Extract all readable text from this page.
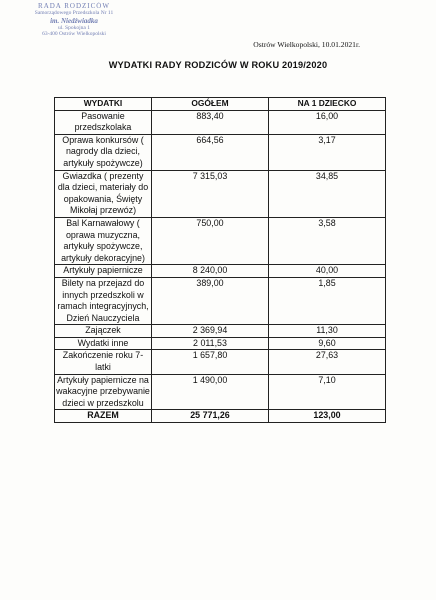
RADA RODZICÓW
Samorządowego Przedszkola Nr 11
im. Niedźwiadka
ul. Spokojna 1
63-400 Ostrów Wielkopolski
Ostrów Wielkopolski, 10.01.2021r.
WYDATKI RADY RODZICÓW W ROKU 2019/2020
WYDATKI	OGÓŁEM	NA 1 DZIECKO
Pasowanie przedszkolaka	883,40	16,00
Oprawa konkursów ( nagrody dla dzieci, artykuły spożywcze)	664,56	3,17
Gwiazdka ( prezenty dla dzieci, materiały do opakowania, Święty Mikołaj przewóz)	7 315,03	34,85
Bal Karnawałowy ( oprawa muzyczna, artykuły spożywcze, artykuły dekoracyjne)	750,00	3,58
Artykuły papiernicze	8 240,00	40,00
Bilety na przejazd do innych przedszkoli w ramach integracyjnych, Dzień Nauczyciela	389,00	1,85
Zajączek	2 369,94	11,30
Wydatki inne	2 011,53	9,60
Zakończenie roku 7-latki	1 657,80	27,63
Artykuły papiernicze na wakacyjne przebywanie dzieci w przedszkolu	1 490,00	7,10
RAZEM	25 771,26	123,00
